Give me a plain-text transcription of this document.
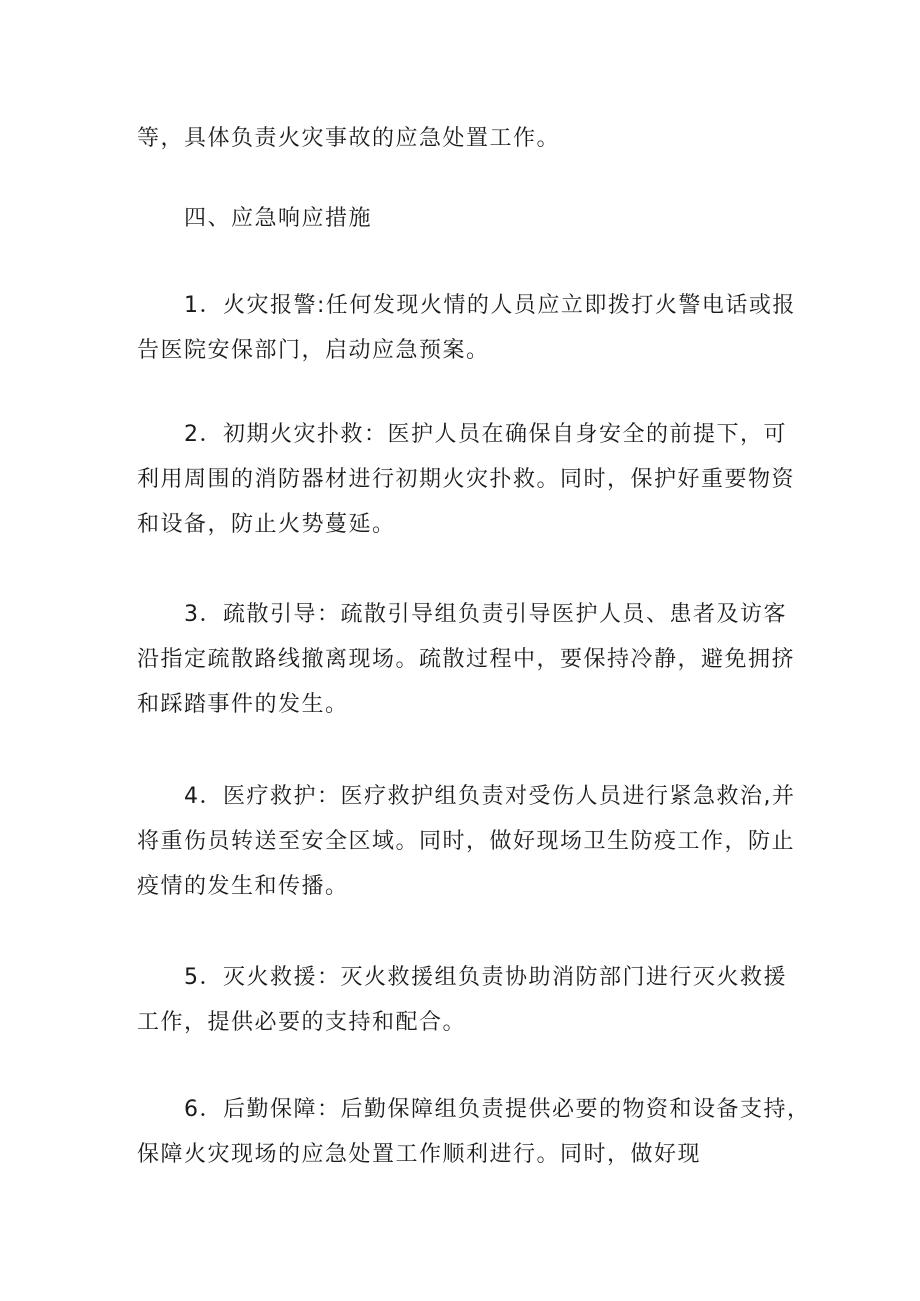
等，具体负责火灾事故的应急处置工作。

四、应急响应措施

1．火灾报警:任何发现火情的人员应立即拨打火警电话或报
告医院安保部门，启动应急预案。

2．初期火灾扑救：医护人员在确保自身安全的前提下，可
利用周围的消防器材进行初期火灾扑救。同时，保护好重要物资
和设备，防止火势蔓延。

3．疏散引导：疏散引导组负责引导医护人员、患者及访客
沿指定疏散路线撤离现场。疏散过程中，要保持冷静，避免拥挤
和踩踏事件的发生。

4．医疗救护：医疗救护组负责对受伤人员进行紧急救治,并
将重伤员转送至安全区域。同时，做好现场卫生防疫工作，防止
疫情的发生和传播。

5．灭火救援：灭火救援组负责协助消防部门进行灭火救援
工作，提供必要的支持和配合。

6．后勤保障：后勤保障组负责提供必要的物资和设备支持，
保障火灾现场的应急处置工作顺利进行。同时，做好现
